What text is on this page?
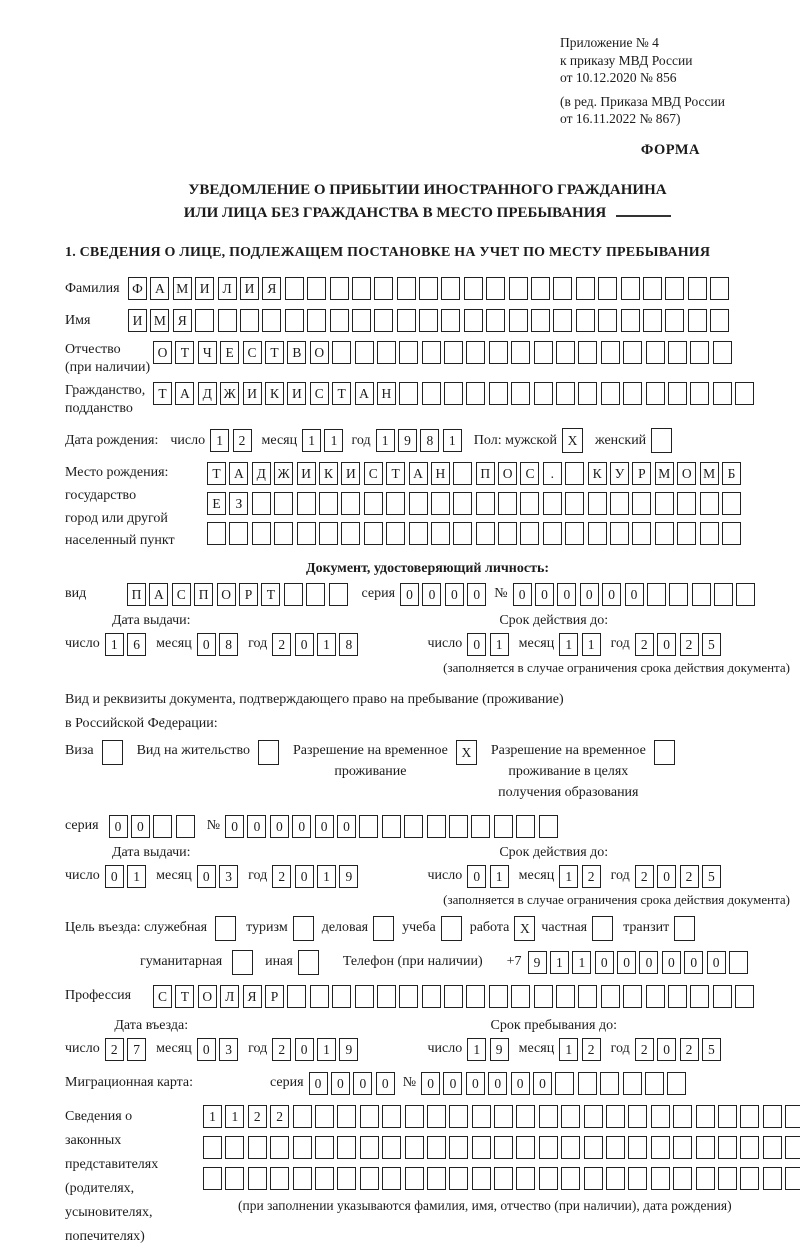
Приложение № 4
к приказу МВД России
от 10.12.2020 № 856
(в ред. Приказа МВД России
от 16.11.2022 № 867)
ФОРМА
УВЕДОМЛЕНИЕ О ПРИБЫТИИ ИНОСТРАННОГО ГРАЖДАНИНА
ИЛИ ЛИЦА БЕЗ ГРАЖДАНСТВА В МЕСТО ПРЕБЫВАНИЯ
1. СВЕДЕНИЯ О ЛИЦЕ, ПОДЛЕЖАЩЕМ ПОСТАНОВКЕ НА УЧЕТ ПО МЕСТУ ПРЕБЫВАНИЯ
Фамилия Ф А М И Л И Я
Имя	И М Я
Отчество
(при наличии)
О Т	Ч	Е	С	Т	В О
Гражданство,
подданство
Т А Д Ж И К И С	Т А Н
Дата рождения: число 1	2	месяц 1	1	год 1	9	8	1	Пол: мужской X	женский
Место рождения:
государство
город или другой
населенный пункт
Т А Д Ж И К И С	Т А Н	П О С	.	К У	Р М О М Б
Е	З
Документ, удостоверяющий личность:
вид	П А С П О	Р	Т	серия 0	0	0	0	№ 0	0	0	0	0	0
Дата выдачи:
число 1	6	месяц 0	8	год 2	0	1	8
Срок действия до:
число 0	1	месяц 1	1	год 2	0	2	5
(заполняется в случае ограничения срока действия документа)
Вид и реквизиты документа, подтверждающего право на пребывание (проживание)
в Российской Федерации:
Виза	Вид на жительство	Разрешение на временное
проживание
X	Разрешение на временное
проживание в целях
получения образования
серия	0	0	№ 0	0	0	0	0	0
Дата выдачи:
число 0	1	месяц 0	3	год 2	0	1	9
Срок действия до:
число 0	1	месяц 1	2	год 2	0	2	5
(заполняется в случае ограничения срока действия документа)
Цель въезда: служебная	туризм деловая учеба работа X частная	транзит
гуманитарная	иная	Телефон (при наличии) +7 9	1	1	0	0	0	0	0	0
Профессия	С	Т О Л Я	Р
Дата въезда:
число 2	7	месяц 0	3	год 2	0	1	9
Срок пребывания до:
число 1	9	месяц 1	2	год 2	0	2	5
Миграционная карта:	серия 0	0	0	0	№ 0	0	0	0	0	0
Сведения о
законных
представителях
(родителях,
усыновителях,
попечителях)
1	1	2	2
(при заполнении указываются фамилия, имя, отчество (при наличии), дата рождения)
